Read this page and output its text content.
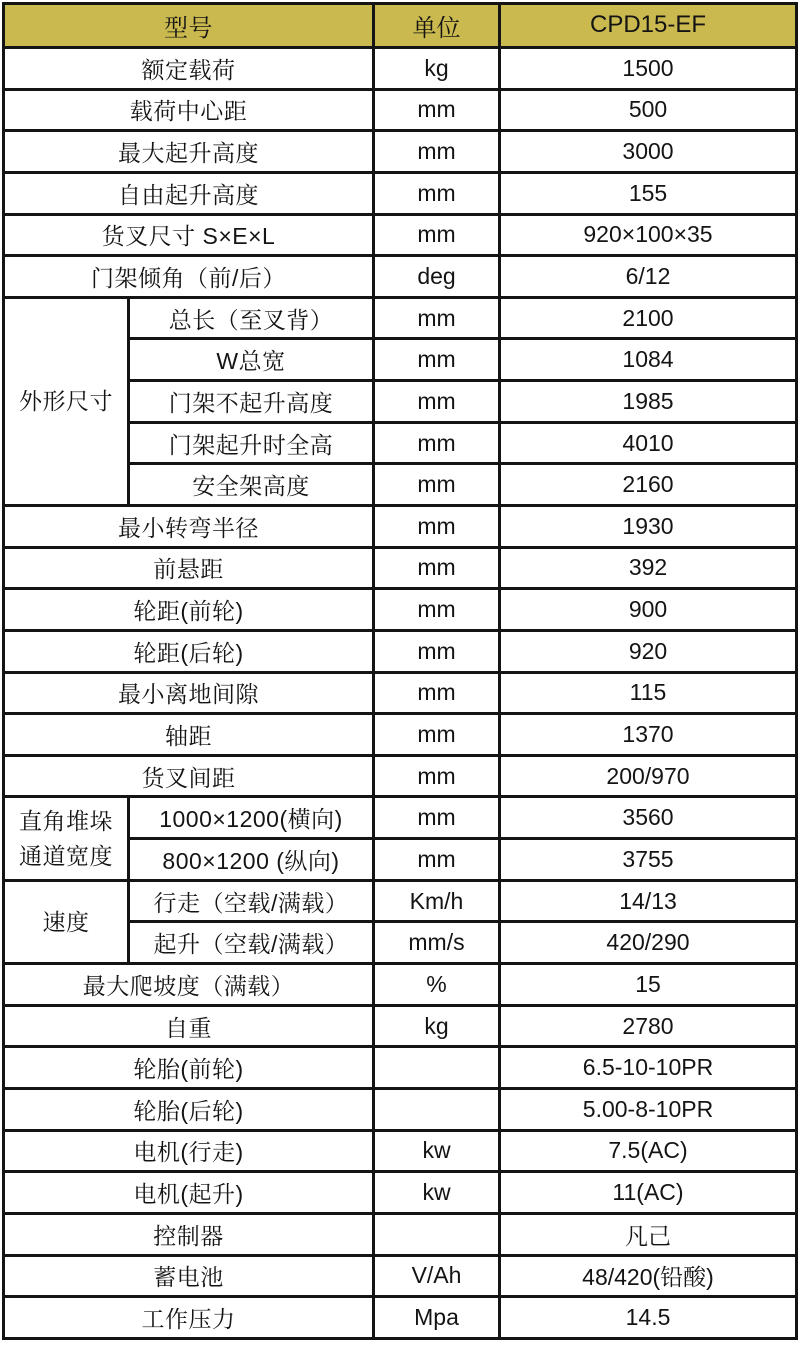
型号		单位	CPD15-EF
额定载荷		kg	1500
载荷中心距		mm	500
最大起升高度		mm	3000
自由起升高度		mm	155
货叉尺寸 S×E×L		mm	920×100×35
门架倾角（前/后）		deg	6/12
外形尺寸	总长（至叉背）	mm	2100
	W总宽	mm	1084
	门架不起升高度	mm	1985
	门架起升时全高	mm	4010
	安全架高度	mm	2160
最小转弯半径		mm	1930
前悬距		mm	392
轮距(前轮)		mm	900
轮距(后轮)		mm	920
最小离地间隙		mm	115
轴距		mm	1370
货叉间距		mm	200/970
直角堆垛通道宽度	1000×1200(横向)	mm	3560
	800×1200 (纵向)	mm	3755
速度	行走（空载/满载）	Km/h	14/13
	起升（空载/满载）	mm/s	420/290
最大爬坡度（满载）		%	15
自重		kg	2780
轮胎(前轮)			6.5-10-10PR
轮胎(后轮)			5.00-8-10PR
电机(行走)		kw	7.5(AC)
电机(起升)		kw	11(AC)
控制器			凡己
蓄电池		V/Ah	48/420(铅酸)
工作压力		Mpa	14.5
